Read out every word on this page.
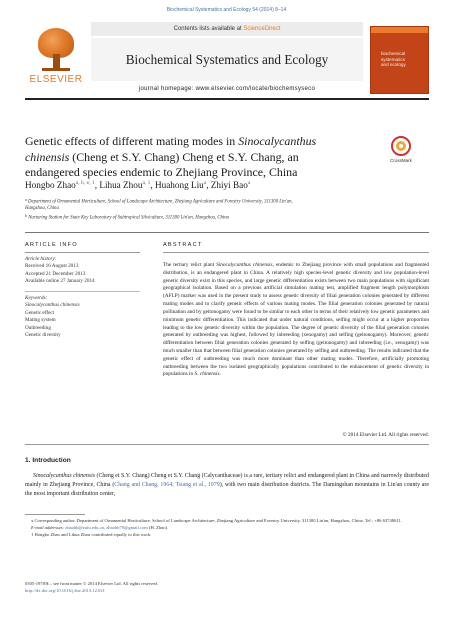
Biochemical Systematics and Ecology 54 (2014) 8–14
ELSEVIER
Contents lists available at ScienceDirect
Biochemical Systematics and Ecology
journal homepage: www.elsevier.com/locate/biochemsyseco
biochemical
systematics
and ecology
Genetic effects of different mating modes in Sinocalycanthus
chinensis (Cheng et S.Y. Chang) Cheng et S.Y. Chang, an
endangered species endemic to Zhejiang Province, China
CrossMark
Hongbo Zhao$^{a, b, ⁎, 1}$, Lihua Zhou$^{a, 1}$, Huahong Liu$^a$, Zhiyi Bao$^a$
$^a$ Department of Ornamental Horticulture, School of Landscape Architecture, Zhejiang Agriculture and Forestry University, 311300 Lin'an,
Hangzhou, China
$^b$ Nurturing Station for State Key Laboratory of Subtropical Silviculture, 311300 Lin'an, Hangzhou, China
ARTICLE INFO	ABSTRACT
Article history:
Received 16 August 2013
Accepted 21 December 2013
Available online 27 January 2014
Keywords:
Sinocalycanthus chinensis
Genetic effect
Mating system
Outbreeding
Genetic diversity
The tertiary relict plant Sinocalycanthus chinensis, endemic to Zhejiang province with small populations and fragmented distribution, is an endangered plant in China. A relatively high species-level genetic diversity and low population-level genetic diversity exist in this species, and large genetic differentiation exists between two main populations with significant geographical isolation. Based on a previous artificial simulation mating test, amplified fragment length polymorphism (AFLP) marker was used in the present study to assess genetic diversity of filial generation colonies generated by different mating modes and to clarify genetic effects of various mating modes. The filial generation colonies generated by natural pollination and by geitonogamy were found to be similar to each other in terms of their relatively low genetic parameters and minimum genetic differentiation. This indicated that under natural conditions, selfing might occur at a higher proportion leading to the low genetic diversity within the population. The degree of genetic diversity of the filial generation colonies generated by outbreeding was highest, followed by inbreeding (xenogamy) and selfing (geitonogamy). Moreover, genetic differentiation between filial generation colonies generated by selfing (geitonogamy) and inbreeding (i.e., xenogamy) was much smaller than that between filial generation colonies generated by selfing and outbreeding. The results indicated that the genetic effect of outbreeding was much more dominant than other mating modes. Therefore, artificially promoting outbreeding between the two isolated geographically populations contributed to the enhancement of genetic diversity in populations in S. chinensis.
© 2014 Elsevier Ltd. All rights reserved.
1. Introduction
Sinocalycanthus chinensis (Cheng et S.Y. Chang) Cheng et S.Y. Chang (Calycanthaceae) is a rare, tertiary relict and endangered plant in China and narrowly distributed mainly in Zhejiang Province, China (Chang and Chang, 1964; Tsiang et al., 1979), with two main distribution districts. The Damingshan mountains in Lin'an county are the most important distribution center,
⁎ Corresponding author. Department of Ornamental Horticulture, School of Landscape Architecture, Zhejiang Agriculture and Forestry University, 311300 Lin'an, Hangzhou, China. Tel.: +86 63748611.
E-mail addresses: zhaohb@zafu.edu.cn, zhaohb79@gmail.com (H. Zhao).
1 Hongbo Zhao and Lihua Zhou contributed equally to this work.
0305-1978/$ – see front matter © 2014 Elsevier Ltd. All rights reserved.
http://dx.doi.org/10.1016/j.bse.2013.12.021
